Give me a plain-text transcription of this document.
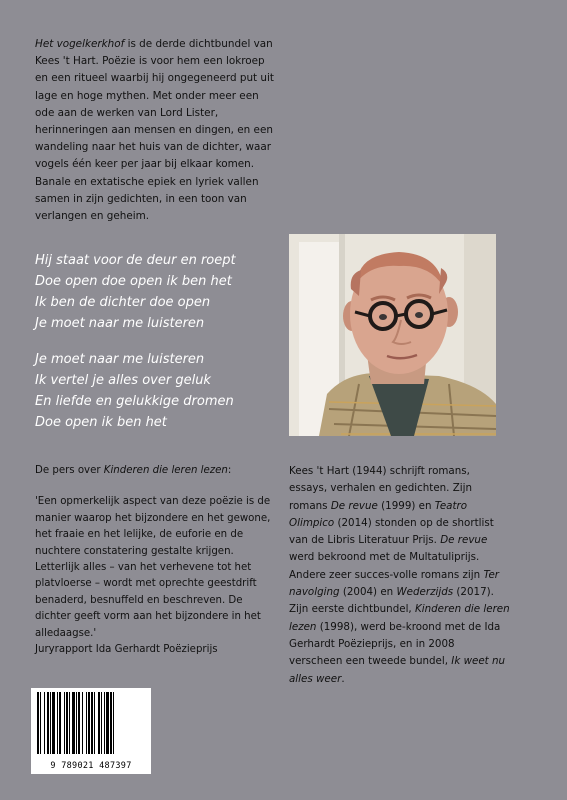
Het vogelkerkhof is de derde dichtbundel van Kees 't Hart. Poëzie is voor hem een lokroep en een ritueel waarbij hij ongegeneerd put uit lage en hoge mythen. Met onder meer een ode aan de werken van Lord Lister, herinneringen aan mensen en dingen, en een wandeling naar het huis van de dichter, waar vogels één keer per jaar bij elkaar komen. Banale en extatische epiek en lyriek vallen samen in zijn gedichten, in een toon van verlangen en geheim.

Hij staat voor de deur en roept
Doe open doe open ik ben het
Ik ben de dichter doe open
Je moet naar me luisteren
Je moet naar me luisteren
Ik vertel je alles over geluk
En liefde en gelukkige dromen
Doe open ik ben het

De pers over Kinderen die leren lezen:

'Een opmerkelijk aspect van deze poëzie is de manier waarop het bijzondere en het gewone, het fraaie en het lelijke, de euforie en de nuchtere constatering gestalte krijgen. Letterlijk alles – van het verhevene tot het platvloerse – wordt met oprechte geestdrift benaderd, besnuffeld en beschreven. De dichter geeft vorm aan het bijzondere in het alledaagse.'
Juryrapport Ida Gerhardt Poëzieprijs

Kees 't Hart (1944) schrijft romans, essays, verhalen en gedichten. Zijn romans De revue (1999) en Teatro Olimpico (2014) stonden op de shortlist van de Libris Literatuur Prijs. De revue werd bekroond met de Multatuliprijs. Andere zeer succes-volle romans zijn Ter navolging (2004) en Wederzijds (2017). Zijn eerste dichtbundel, Kinderen die leren lezen (1998), werd be-kroond met de Ida Gerhardt Poëzieprijs, en in 2008 verscheen een tweede bundel, Ik weet nu alles weer.

9 789021 487397
